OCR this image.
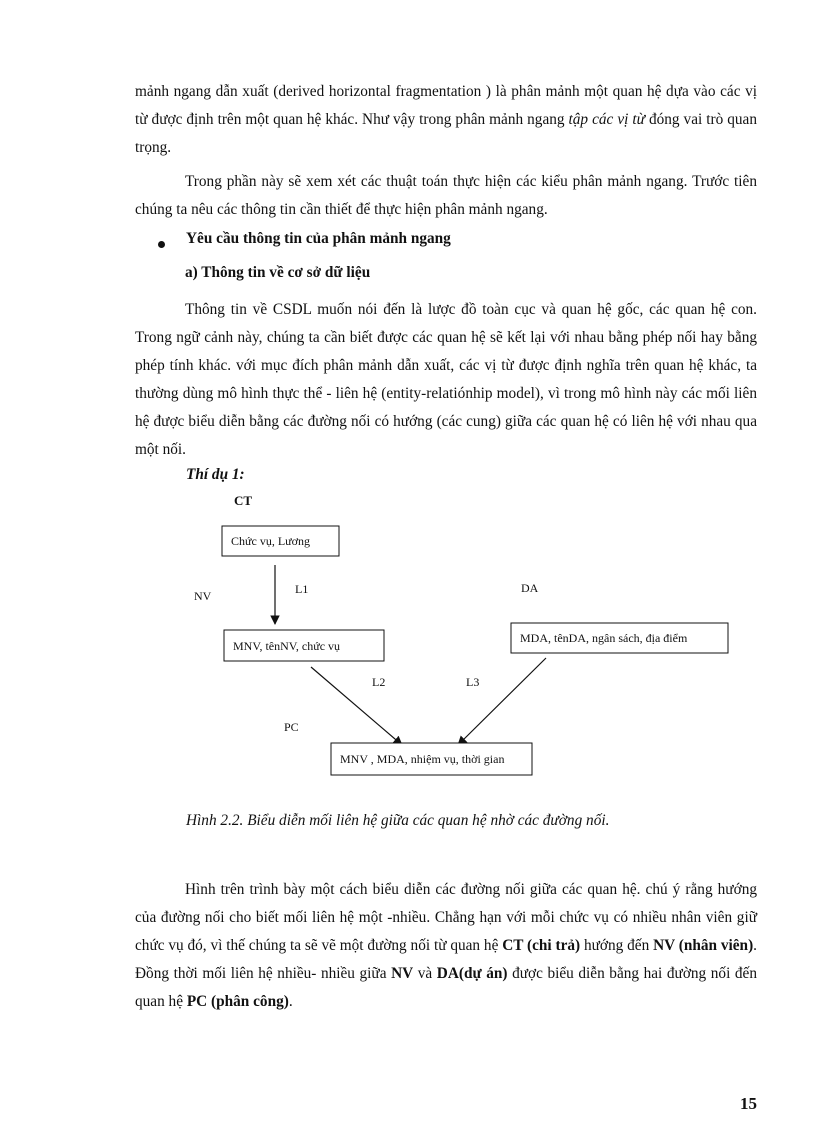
mảnh ngang dẫn xuất (derived horizontal fragmentation ) là phân mảnh một quan hệ dựa vào các vị từ được định trên một quan hệ khác. Như vậy trong phân mảnh ngang tập các vị từ đóng vai trò quan trọng.

Trong phần này sẽ xem xét các thuật toán thực hiện các kiểu phân mảnh ngang. Trước tiên chúng ta nêu các thông tin cần thiết để thực hiện phân mảnh ngang.

Yêu cầu thông tin của phân mảnh ngang
a) Thông tin về cơ sở dữ liệu

Thông tin về CSDL muốn nói đến là lược đồ toàn cục và quan hệ gốc, các quan hệ con. Trong ngữ cảnh này, chúng ta cần biết được các quan hệ sẽ kết lại với nhau bằng phép nối hay bằng phép tính khác. với mục đích phân mảnh dẫn xuất, các vị từ được định nghĩa trên quan hệ khác, ta thường dùng mô hình thực thể - liên hệ (entity-relatiónhip model), vì trong mô hình này các mối liên hệ được biểu diễn bằng các đường nối có hướng (các cung) giữa các quan hệ có liên hệ với nhau qua một nối.

Thí dụ 1:
CT
Chức vụ, Lương
L1
NV
MNV, tênNV, chức vụ
DA
MDA, tênDA, ngân sách, địa điểm
L2	L3
PC
MNV , MDA, nhiệm vụ, thời gian
Hình 2.2. Biểu diễn mối liên hệ giữa các quan hệ nhờ các đường nối.

Hình trên trình bày một cách biểu diễn các đường nối giữa các quan hệ. chú ý rằng hướng của đường nối cho biết mối liên hệ một -nhiều. Chẳng hạn với mỗi chức vụ có nhiều nhân viên giữ chức vụ đó, vì thế chúng ta sẽ vẽ một đường nối từ quan hệ CT (chi trả) hướng đến NV (nhân viên). Đồng thời mối liên hệ nhiều- nhiều giữa NV và DA(dự án) được biểu diễn bằng hai đường nối đến quan hệ PC (phân công).

15
